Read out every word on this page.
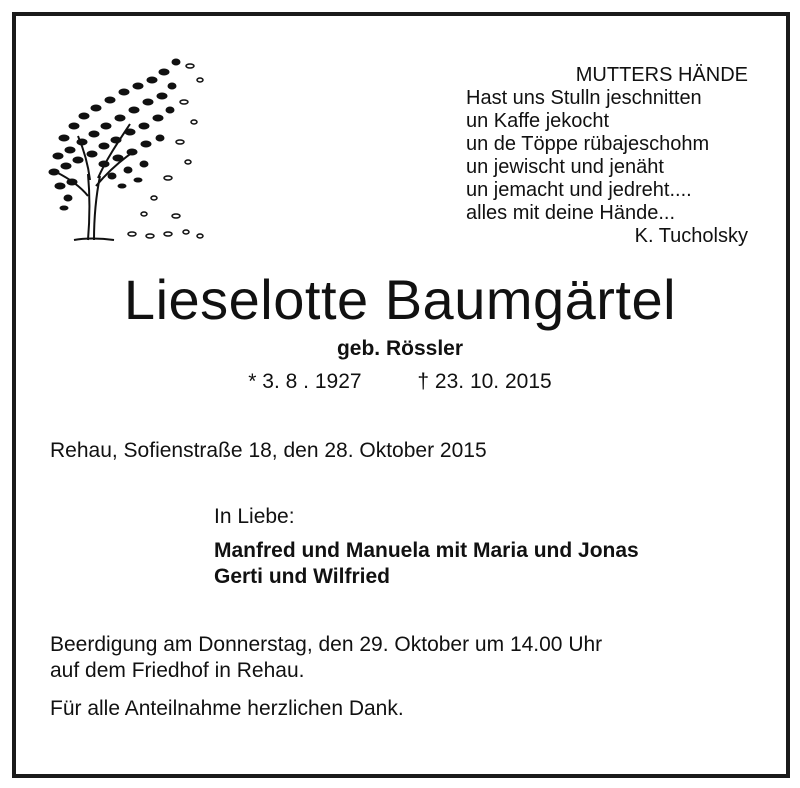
MUTTERS HÄNDE
Hast uns Stulln jeschnitten
un Kaffe jekocht
un de Töppe rübajeschohm
un jewischt und jenäht
un jemacht und jedreht....
alles mit deine Hände...
K. Tucholsky
Lieselotte Baumgärtel
geb. Rössler
* 3. 8 . 1927	† 23. 10. 2015
Rehau, Sofienstraße 18, den 28. Oktober 2015
In Liebe:
Manfred und Manuela mit Maria und Jonas
Gerti und Wilfried
Beerdigung am Donnerstag, den 29. Oktober um 14.00 Uhr
auf dem Friedhof in Rehau.
Für alle Anteilnahme herzlichen Dank.
